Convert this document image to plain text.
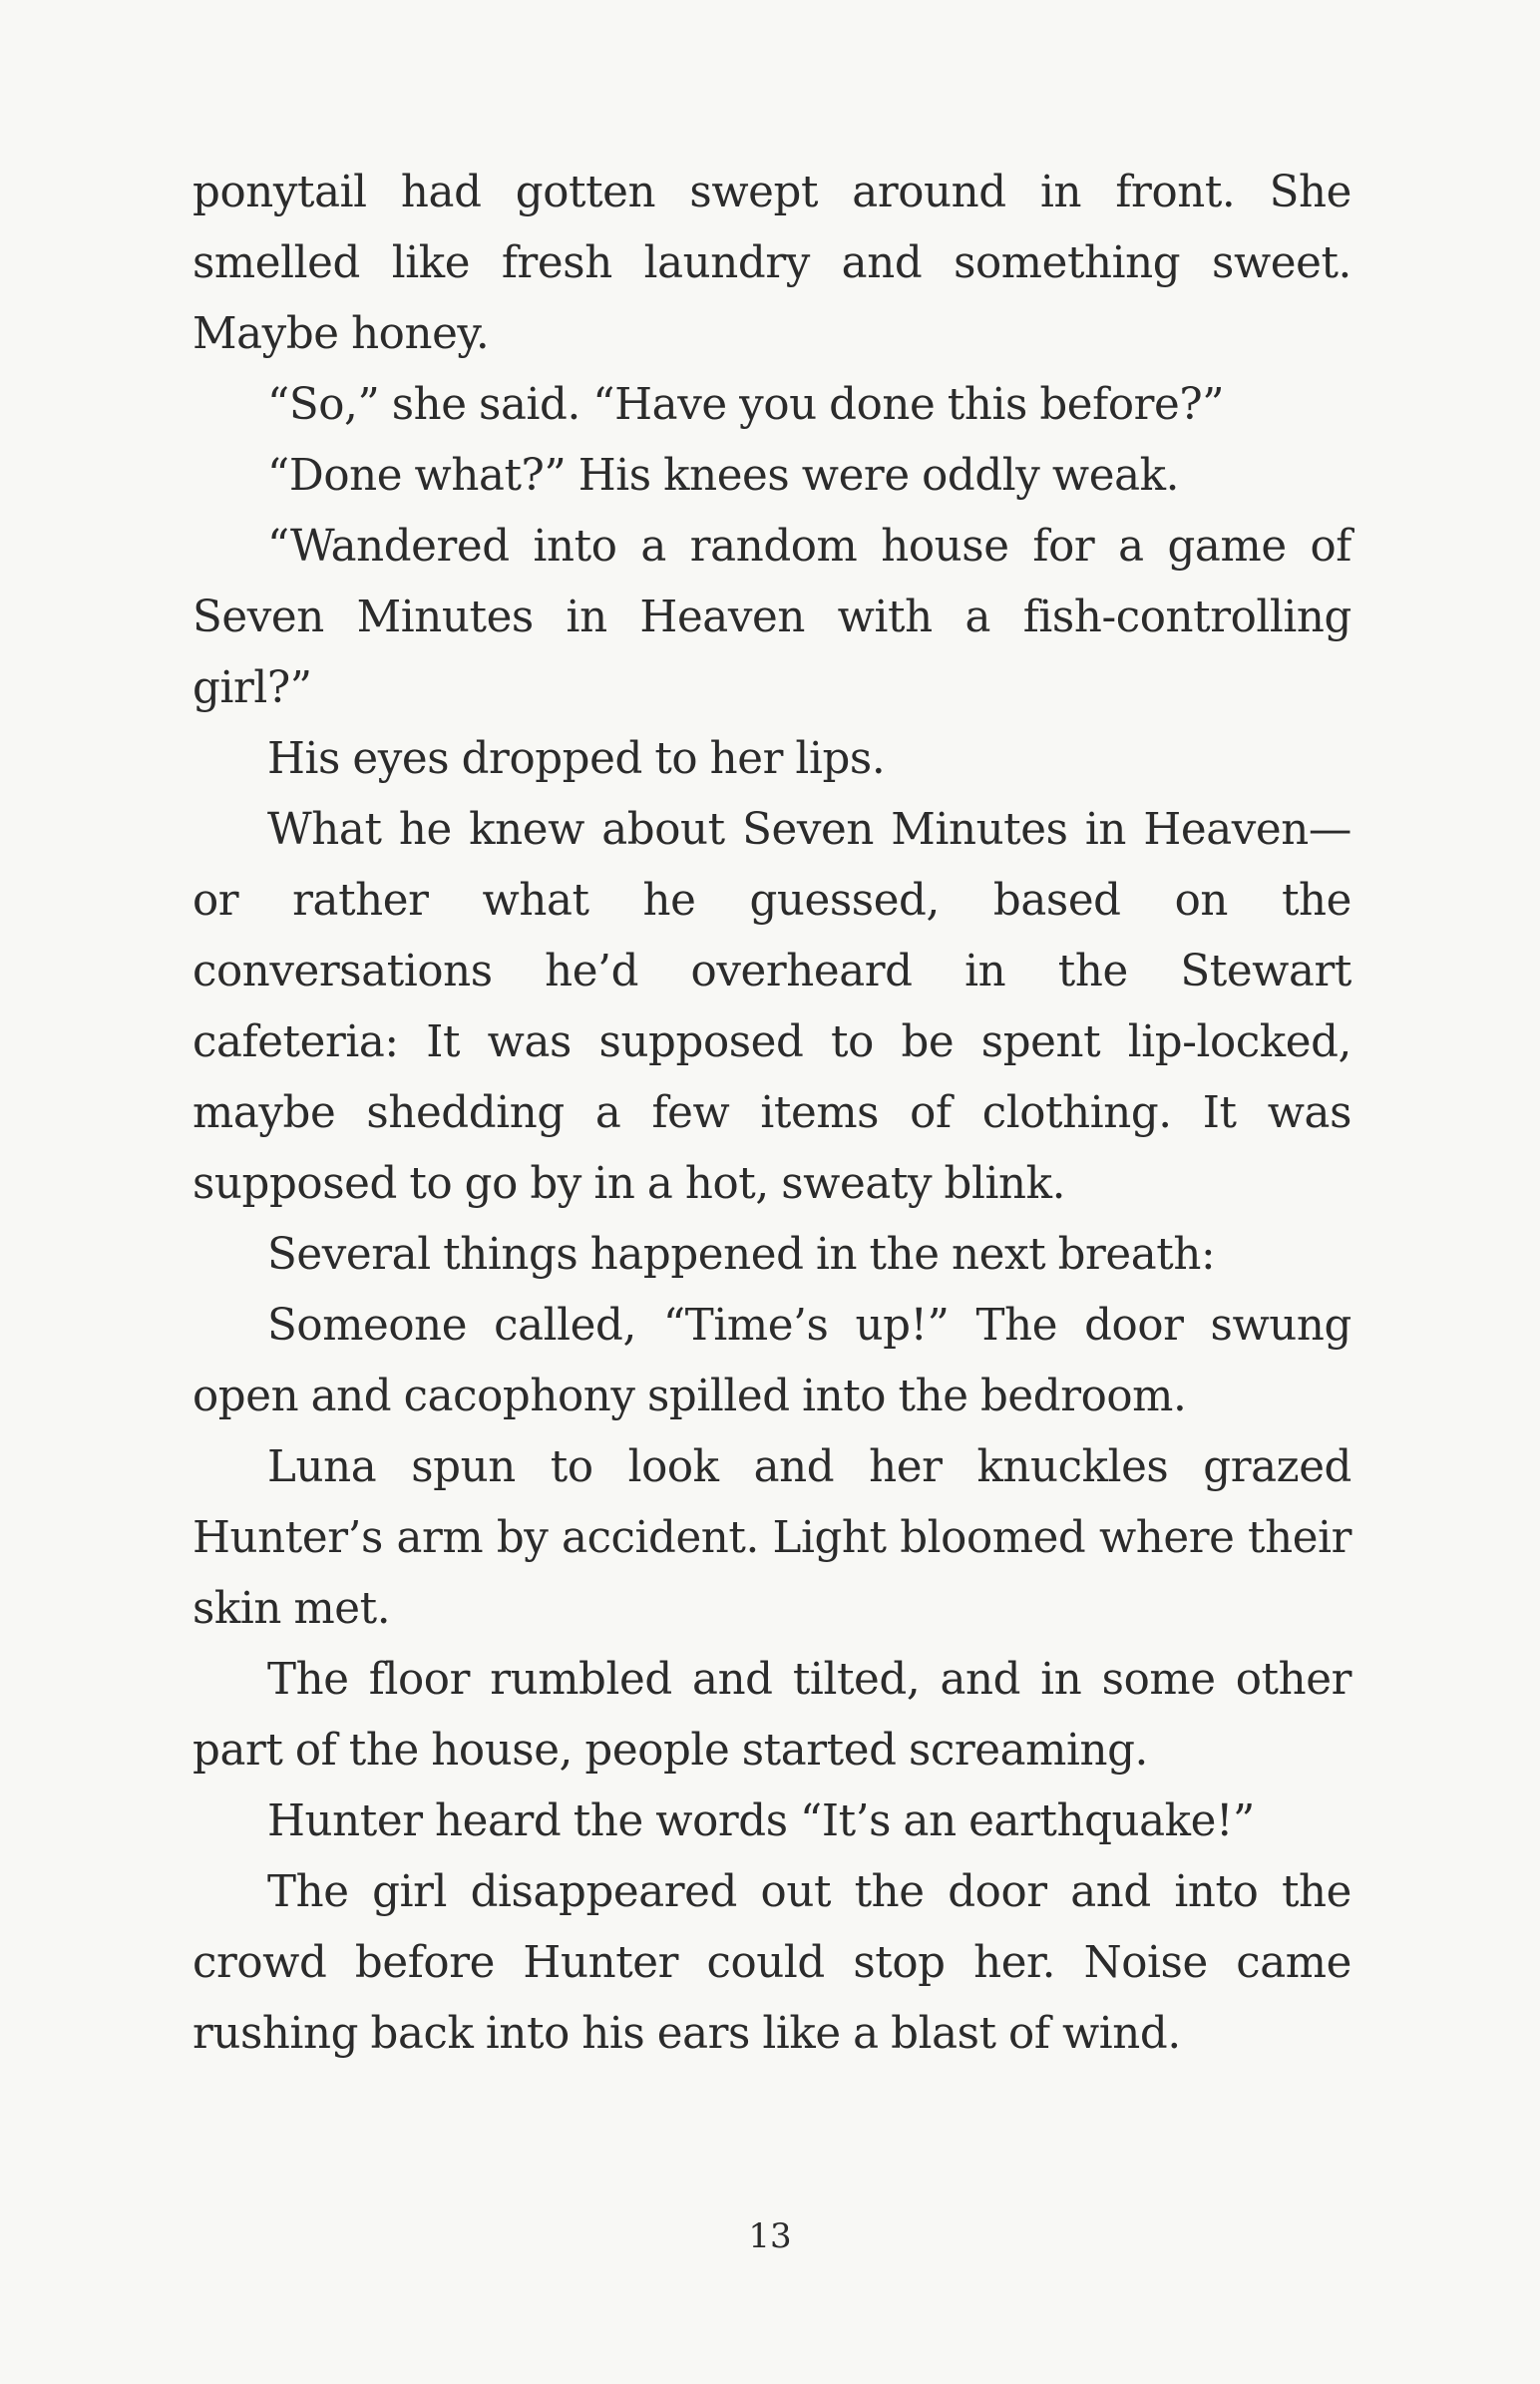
ponytail had gotten swept around in front. She smelled like fresh laundry and something sweet. Maybe honey.

“So,” she said. “Have you done this before?”

“Done what?” His knees were oddly weak.

“Wandered into a random house for a game of Seven Minutes in Heaven with a fish-controlling girl?”

His eyes dropped to her lips.

What he knew about Seven Minutes in Heaven—or rather what he guessed, based on the conversations he’d overheard in the Stewart cafeteria: It was supposed to be spent lip-locked, maybe shedding a few items of clothing. It was supposed to go by in a hot, sweaty blink.

Several things happened in the next breath:

Someone called, “Time’s up!” The door swung open and cacophony spilled into the bedroom.

Luna spun to look and her knuckles grazed Hunter’s arm by accident. Light bloomed where their skin met.

The floor rumbled and tilted, and in some other part of the house, people started screaming.

Hunter heard the words “It’s an earthquake!”

The girl disappeared out the door and into the crowd before Hunter could stop her. Noise came rushing back into his ears like a blast of wind.

13
